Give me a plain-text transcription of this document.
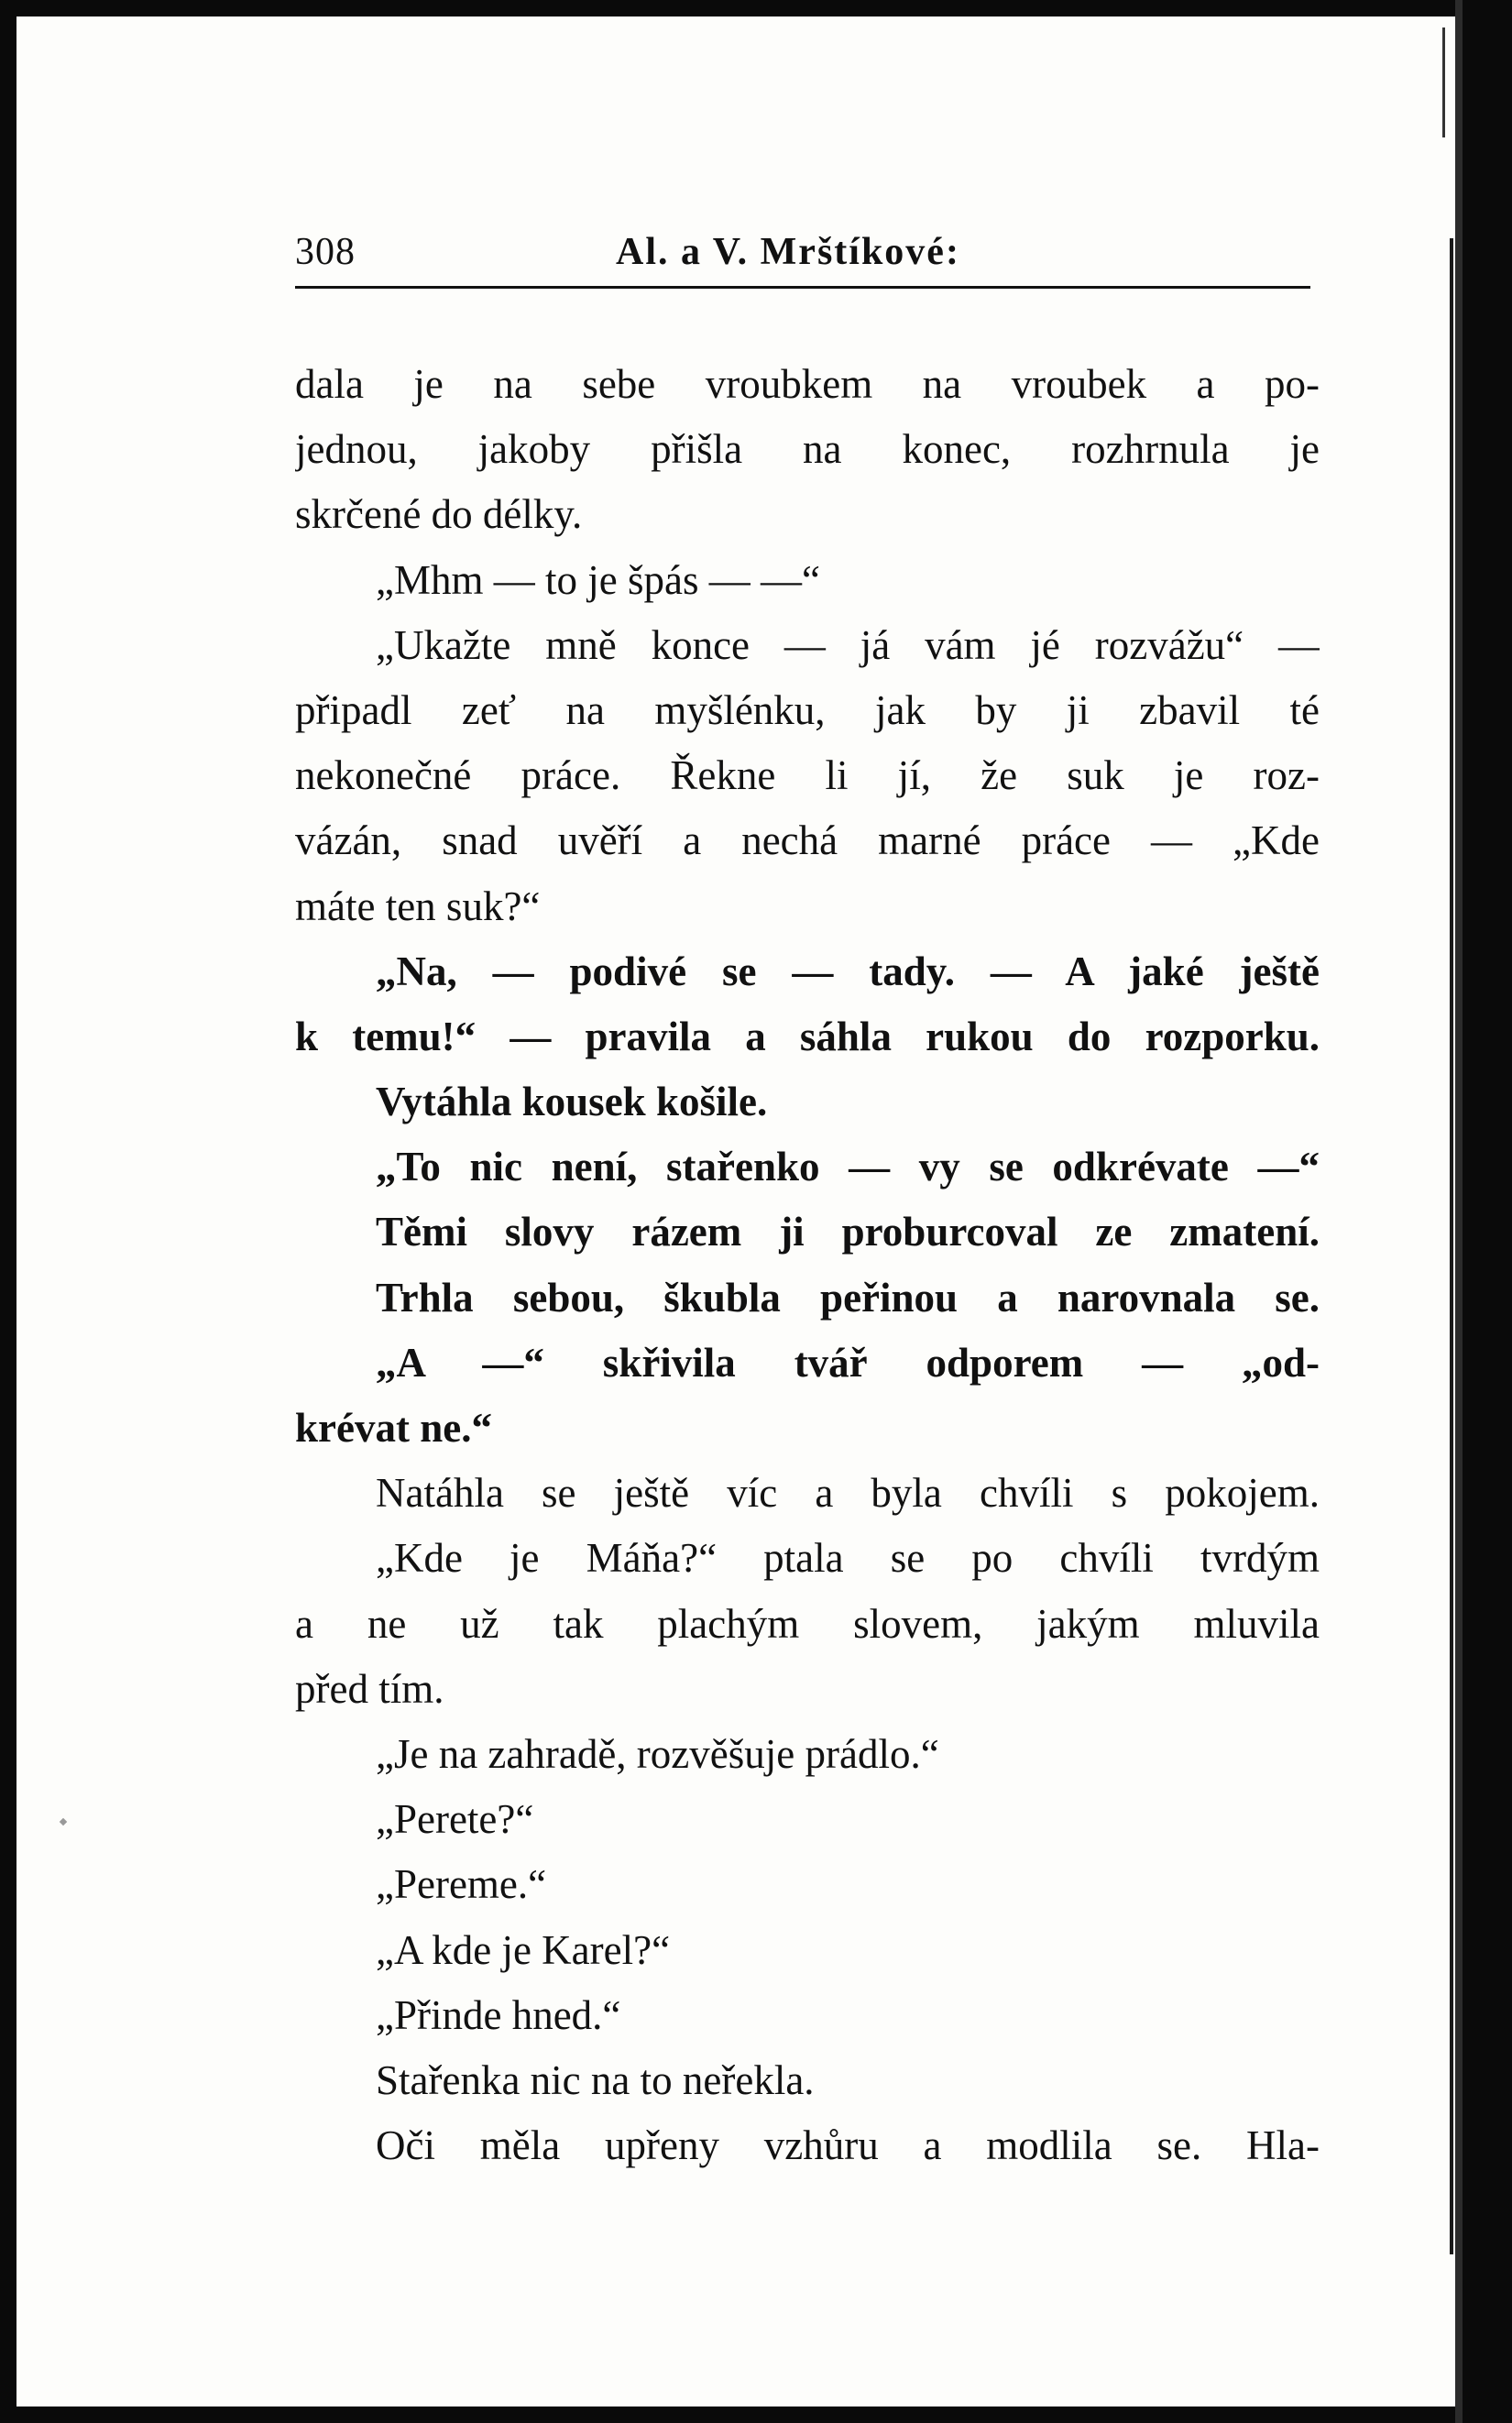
308	Al. a V. Mrštíkové:
dala je na sebe vroubkem na vroubek a po-
jednou, jakoby přišla na konec, rozhrnula je
skrčené do délky.
„Mhm — to je špás — —“
„Ukažte mně konce — já vám jé rozvážu“ —
připadl zeť na myšlénku, jak by ji zbavil té
nekonečné práce. Řekne li jí, že suk je roz-
vázán, snad uvěří a nechá marné práce — „Kde
máte ten suk?“
„Na, — podivé se — tady. — A jaké ještě
k temu!“ — pravila a sáhla rukou do rozporku.
Vytáhla kousek košile.
„To nic není, stařenko — vy se odkrévate —“
Těmi slovy rázem ji proburcoval ze zmatení.
Trhla sebou, škubla peřinou a narovnala se.
„A —“ skřivila tvář odporem — „od-
krévat ne.“
Natáhla se ještě víc a byla chvíli s pokojem.
„Kde je Máňa?“ ptala se po chvíli tvrdým
a ne už tak plachým slovem, jakým mluvila
před tím.
„Je na zahradě, rozvěšuje prádlo.“
„Perete?“
„Pereme.“
„A kde je Karel?“
„Přinde hned.“
Stařenka nic na to neřekla.
Oči měla upřeny vzhůru a modlila se. Hla-
